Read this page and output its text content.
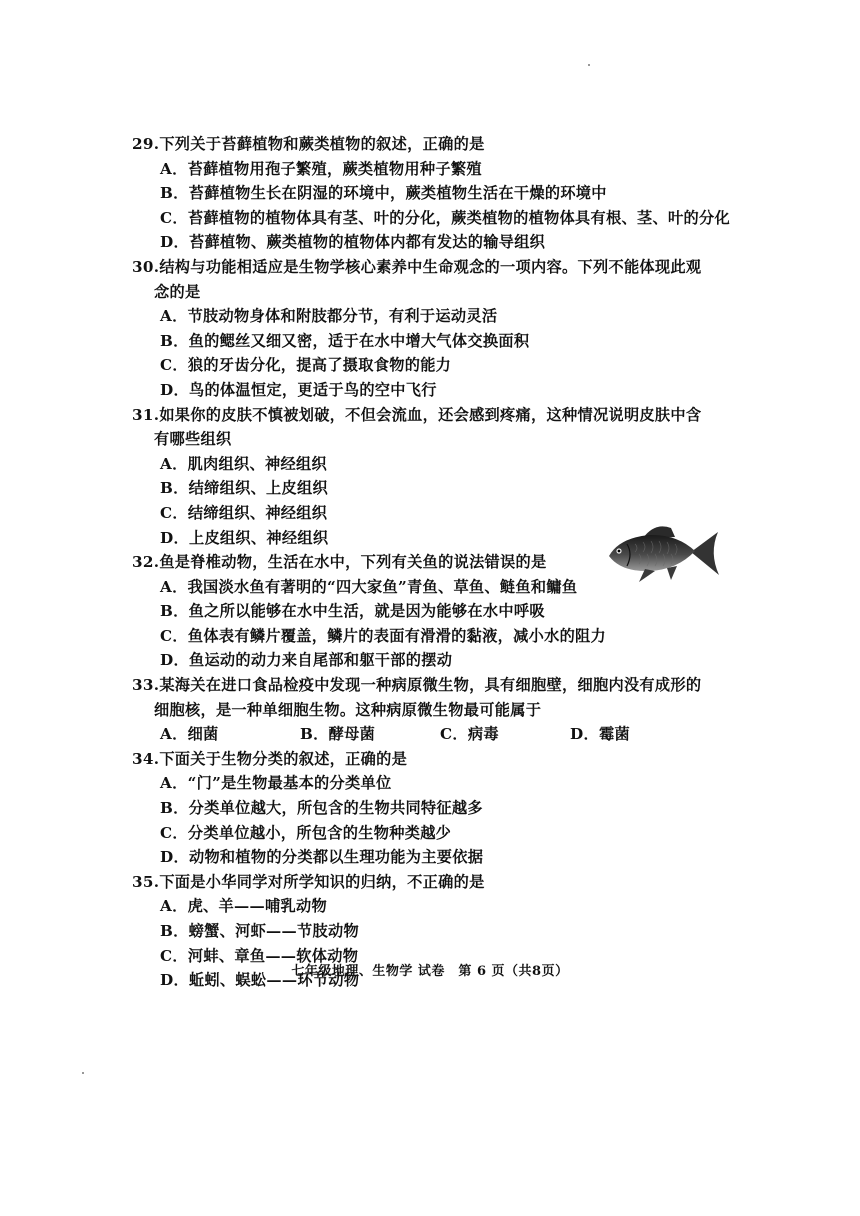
29.下列关于苔藓植物和蕨类植物的叙述，正确的是
A．苔藓植物用孢子繁殖，蕨类植物用种子繁殖
B．苔藓植物生长在阴湿的环境中，蕨类植物生活在干燥的环境中
C．苔藓植物的植物体具有茎、叶的分化，蕨类植物的植物体具有根、茎、叶的分化
D．苔藓植物、蕨类植物的植物体内都有发达的输导组织
30.结构与功能相适应是生物学核心素养中生命观念的一项内容。下列不能体现此观
念的是
A．节肢动物身体和附肢都分节，有利于运动灵活
B．鱼的鳃丝又细又密，适于在水中增大气体交换面积
C．狼的牙齿分化，提高了摄取食物的能力
D．鸟的体温恒定，更适于鸟的空中飞行
31.如果你的皮肤不慎被划破，不但会流血，还会感到疼痛，这种情况说明皮肤中含
有哪些组织
A．肌肉组织、神经组织
B．结缔组织、上皮组织
C．结缔组织、神经组织
D．上皮组织、神经组织
32.鱼是脊椎动物，生活在水中，下列有关鱼的说法错误的是
A．我国淡水鱼有著明的“四大家鱼”青鱼、草鱼、鲢鱼和鳙鱼
B．鱼之所以能够在水中生活，就是因为能够在水中呼吸
C．鱼体表有鳞片覆盖，鳞片的表面有滑滑的黏液，减小水的阻力
D．鱼运动的动力来自尾部和躯干部的摆动
33.某海关在进口食品检疫中发现一种病原微生物，具有细胞壁，细胞内没有成形的
细胞核，是一种单细胞生物。这种病原微生物最可能属于
A．细菌	B．酵母菌	C．病毒	D．霉菌
34.下面关于生物分类的叙述，正确的是
A．“门”是生物最基本的分类单位
B．分类单位越大，所包含的生物共同特征越多
C．分类单位越小，所包含的生物种类越少
D．动物和植物的分类都以生理功能为主要依据
35.下面是小华同学对所学知识的归纳，不正确的是
A．虎、羊——哺乳动物
B．螃蟹、河虾——节肢动物
C．河蚌、章鱼——软体动物
D．蚯蚓、蜈蚣——环节动物
七年级地理、生物学 试卷　第 6 页（共8页）
